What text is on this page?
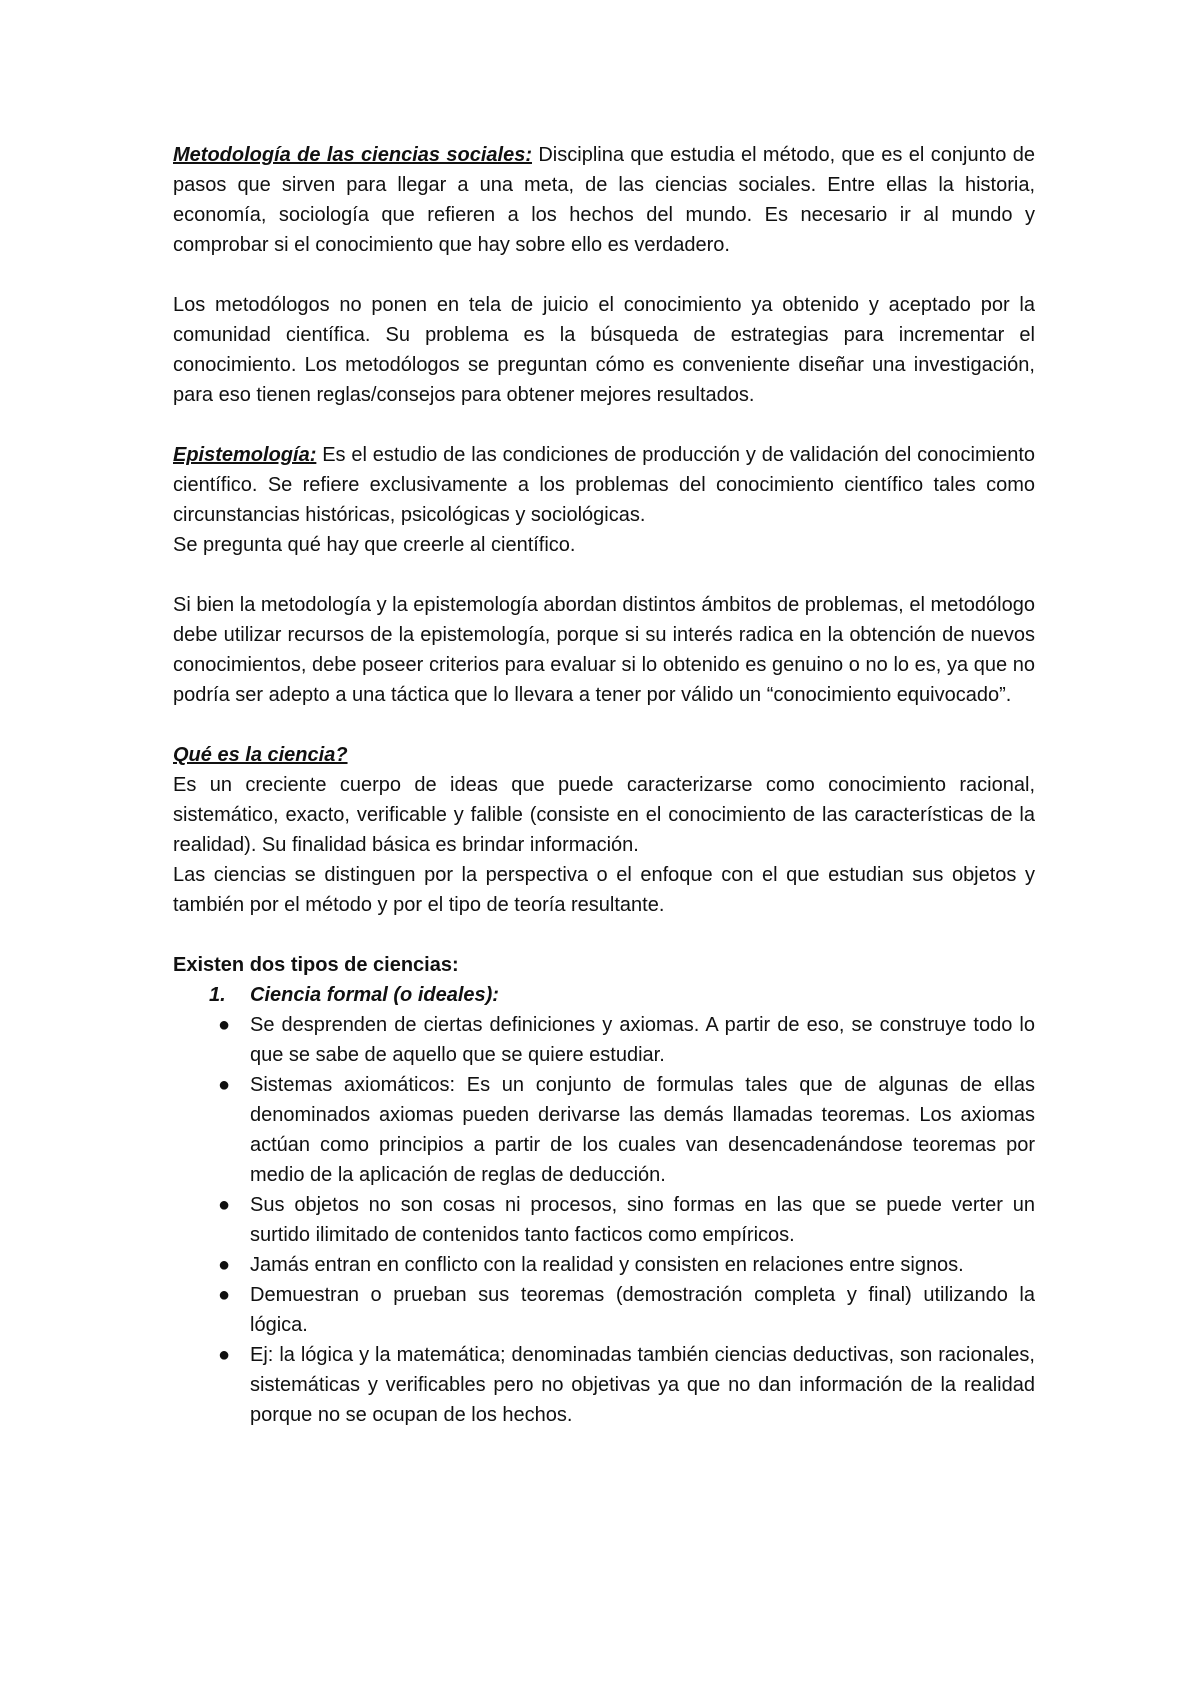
Metodología de las ciencias sociales: Disciplina que estudia el método, que es el conjunto de pasos que sirven para llegar a una meta, de las ciencias sociales. Entre ellas la historia, economía, sociología que refieren a los hechos del mundo. Es necesario ir al mundo y comprobar si el conocimiento que hay sobre ello es verdadero.

Los metodólogos no ponen en tela de juicio el conocimiento ya obtenido y aceptado por la comunidad científica. Su problema es la búsqueda de estrategias para incrementar el conocimiento. Los metodólogos se preguntan cómo es conveniente diseñar una investigación, para eso tienen reglas/consejos para obtener mejores resultados.

Epistemología: Es el estudio de las condiciones de producción y de validación del conocimiento científico. Se refiere exclusivamente a los problemas del conocimiento científico tales como circunstancias históricas, psicológicas y sociológicas.

Se pregunta qué hay que creerle al científico.

Si bien la metodología y la epistemología abordan distintos ámbitos de problemas, el metodólogo debe utilizar recursos de la epistemología, porque si su interés radica en la obtención de nuevos conocimientos, debe poseer criterios para evaluar si lo obtenido es genuino o no lo es, ya que no podría ser adepto a una táctica que lo llevara a tener por válido un “conocimiento equivocado”.

Qué es la ciencia?

Es un creciente cuerpo de ideas que puede caracterizarse como conocimiento racional, sistemático, exacto, verificable y falible (consiste en el conocimiento de las características de la realidad). Su finalidad básica es brindar información.

Las ciencias se distinguen por la perspectiva o el enfoque con el que estudian sus objetos y también por el método y por el tipo de teoría resultante.

Existen dos tipos de ciencias:

1. Ciencia formal (o ideales):
● Se desprenden de ciertas definiciones y axiomas. A partir de eso, se construye todo lo que se sabe de aquello que se quiere estudiar.
● Sistemas axiomáticos: Es un conjunto de formulas tales que de algunas de ellas denominados axiomas pueden derivarse las demás llamadas teoremas. Los axiomas actúan como principios a partir de los cuales van desencadenándose teoremas por medio de la aplicación de reglas de deducción.
● Sus objetos no son cosas ni procesos, sino formas en las que se puede verter un surtido ilimitado de contenidos tanto facticos como empíricos.
● Jamás entran en conflicto con la realidad y consisten en relaciones entre signos.
● Demuestran o prueban sus teoremas (demostración completa y final) utilizando la lógica.
● Ej: la lógica y la matemática; denominadas también ciencias deductivas, son racionales, sistemáticas y verificables pero no objetivas ya que no dan información de la realidad porque no se ocupan de los hechos.
